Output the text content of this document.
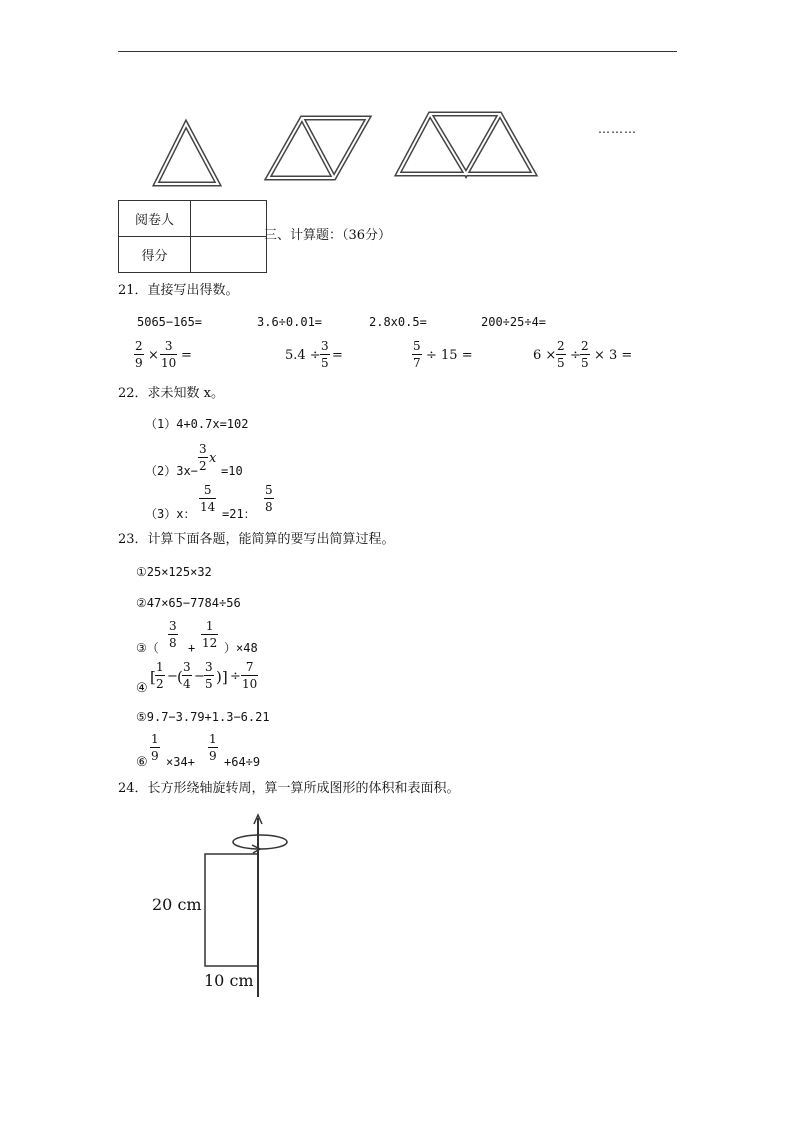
………
阅卷人	
得分	
三、计算题：（36分）
21．直接写出得数。
5065−165=	3.6÷0.01=	2.8x0.5=	200÷25÷4=
$\frac{2}{9} \times \frac{3}{10}$ =	$5.4 \div \frac{3}{5}$ =	$\frac{5}{7} \div 15$ =	$6 \times \frac{2}{5} \div \frac{2}{5} \times 3$ =
22．求未知数 x。
（1）4+0.7x=102
$(2)3x- \frac{3}{2}$ x
=10
（3）x：
$\frac{5}{14}$
=21：
$\frac{5}{8}$
23．计算下面各题，能简算的要写出简算过程。
①25×125×32
②47×65−7784÷56
③（ $\frac{3}{8} + \frac{1}{12} )\times 48$
④
[ $\frac{1}{2}$ − ( $\frac{3}{4} - \frac{3}{5}$ )] ÷ $\frac{7}{10}$
⑤9.7−3.79+1.3−6.21
⑥
$\frac{1}{9} \times 34+ \frac{1}{9} +64\div 9$
24．长方形绕轴旋转周，算一算所成图形的体积和表面积。
20 cm
10 cm
